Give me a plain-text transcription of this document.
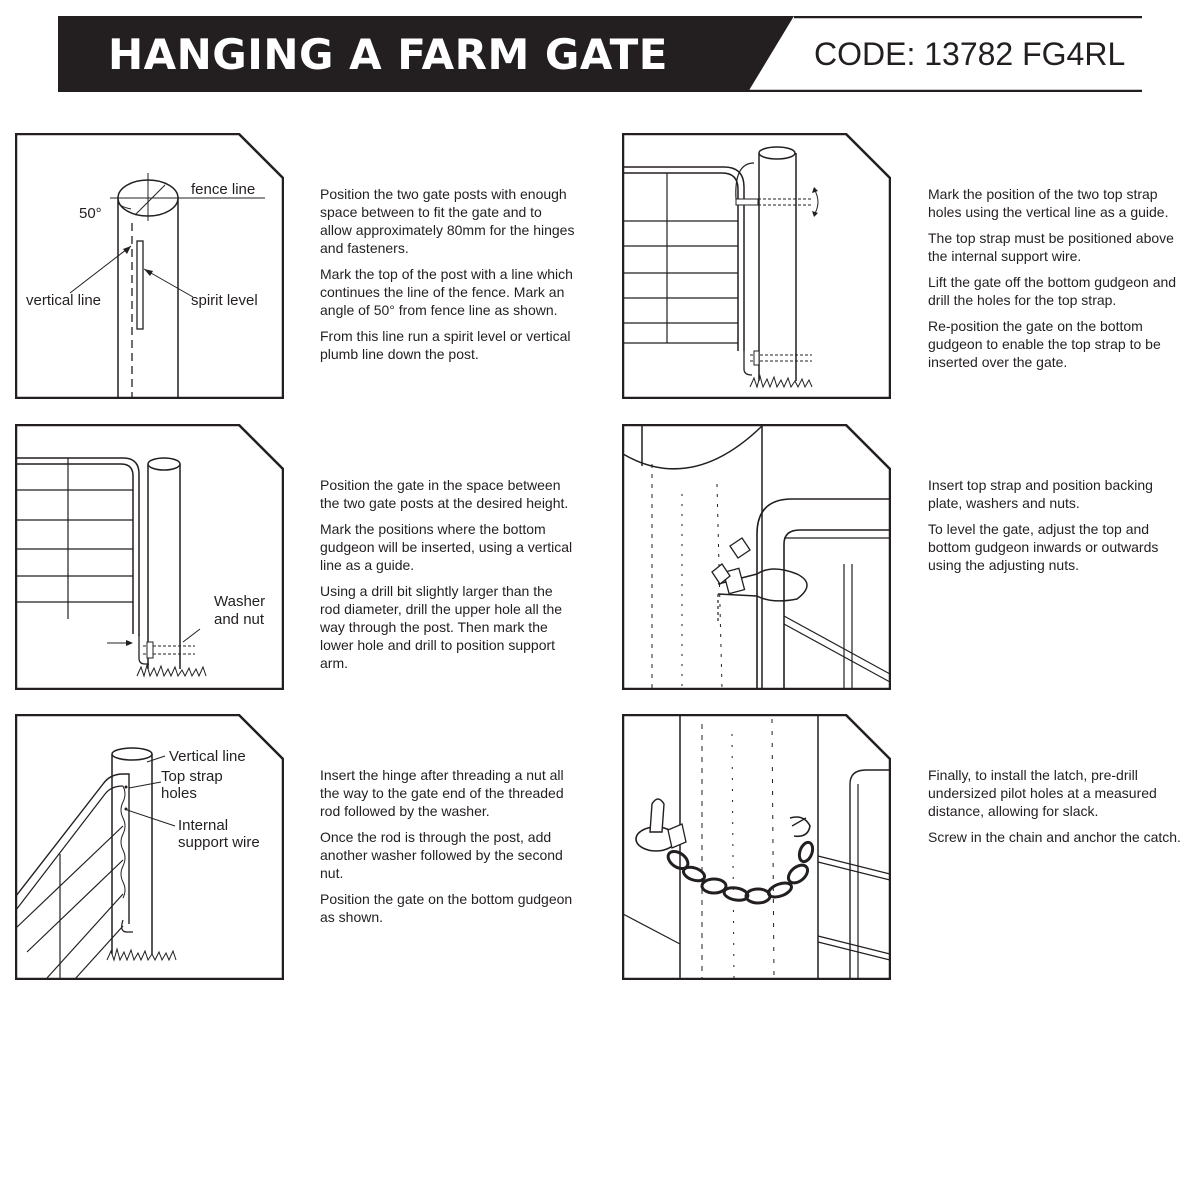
HANGING A FARM GATE	CODE: 13782 FG4RL
fence line
50°
vertical line	spirit level

Position the two gate posts with enough space between to fit the gate and to allow approximately 80mm for the hinges and fasteners.

Mark the top of the post with a line which continues the line of the fence. Mark an angle of 50° from fence line as shown.

From this line run a spirit level or vertical plumb line down the post.

Washer
and nut

Position the gate in the space between the two gate posts at the desired height.

Mark the positions where the bottom gudgeon will be inserted, using a vertical line as a guide.

Using a drill bit slightly larger than the rod diameter, drill the upper hole all the way through the post. Then mark the lower hole and drill to position support arm.

Vertical line
Top strap
holes
Internal
support wire

Insert the hinge after threading a nut all the way to the gate end of the threaded rod followed by the washer.

Once the rod is through the post, add another washer followed by the second nut.

Position the gate on the bottom gudgeon as shown.

Mark the position of the two top strap holes using the vertical line as a guide.

The top strap must be positioned above the internal support wire.

Lift the gate off the bottom gudgeon and drill the holes for the top strap.

Re-position the gate on the bottom gudgeon to enable the top strap to be inserted over the gate.

Insert top strap and position backing plate, washers and nuts.

To level the gate, adjust the top and bottom gudgeon inwards or outwards using the adjusting nuts.

Finally, to install the latch, pre-drill undersized pilot holes at a measured distance, allowing for slack.

Screw in the chain and anchor the catch.
